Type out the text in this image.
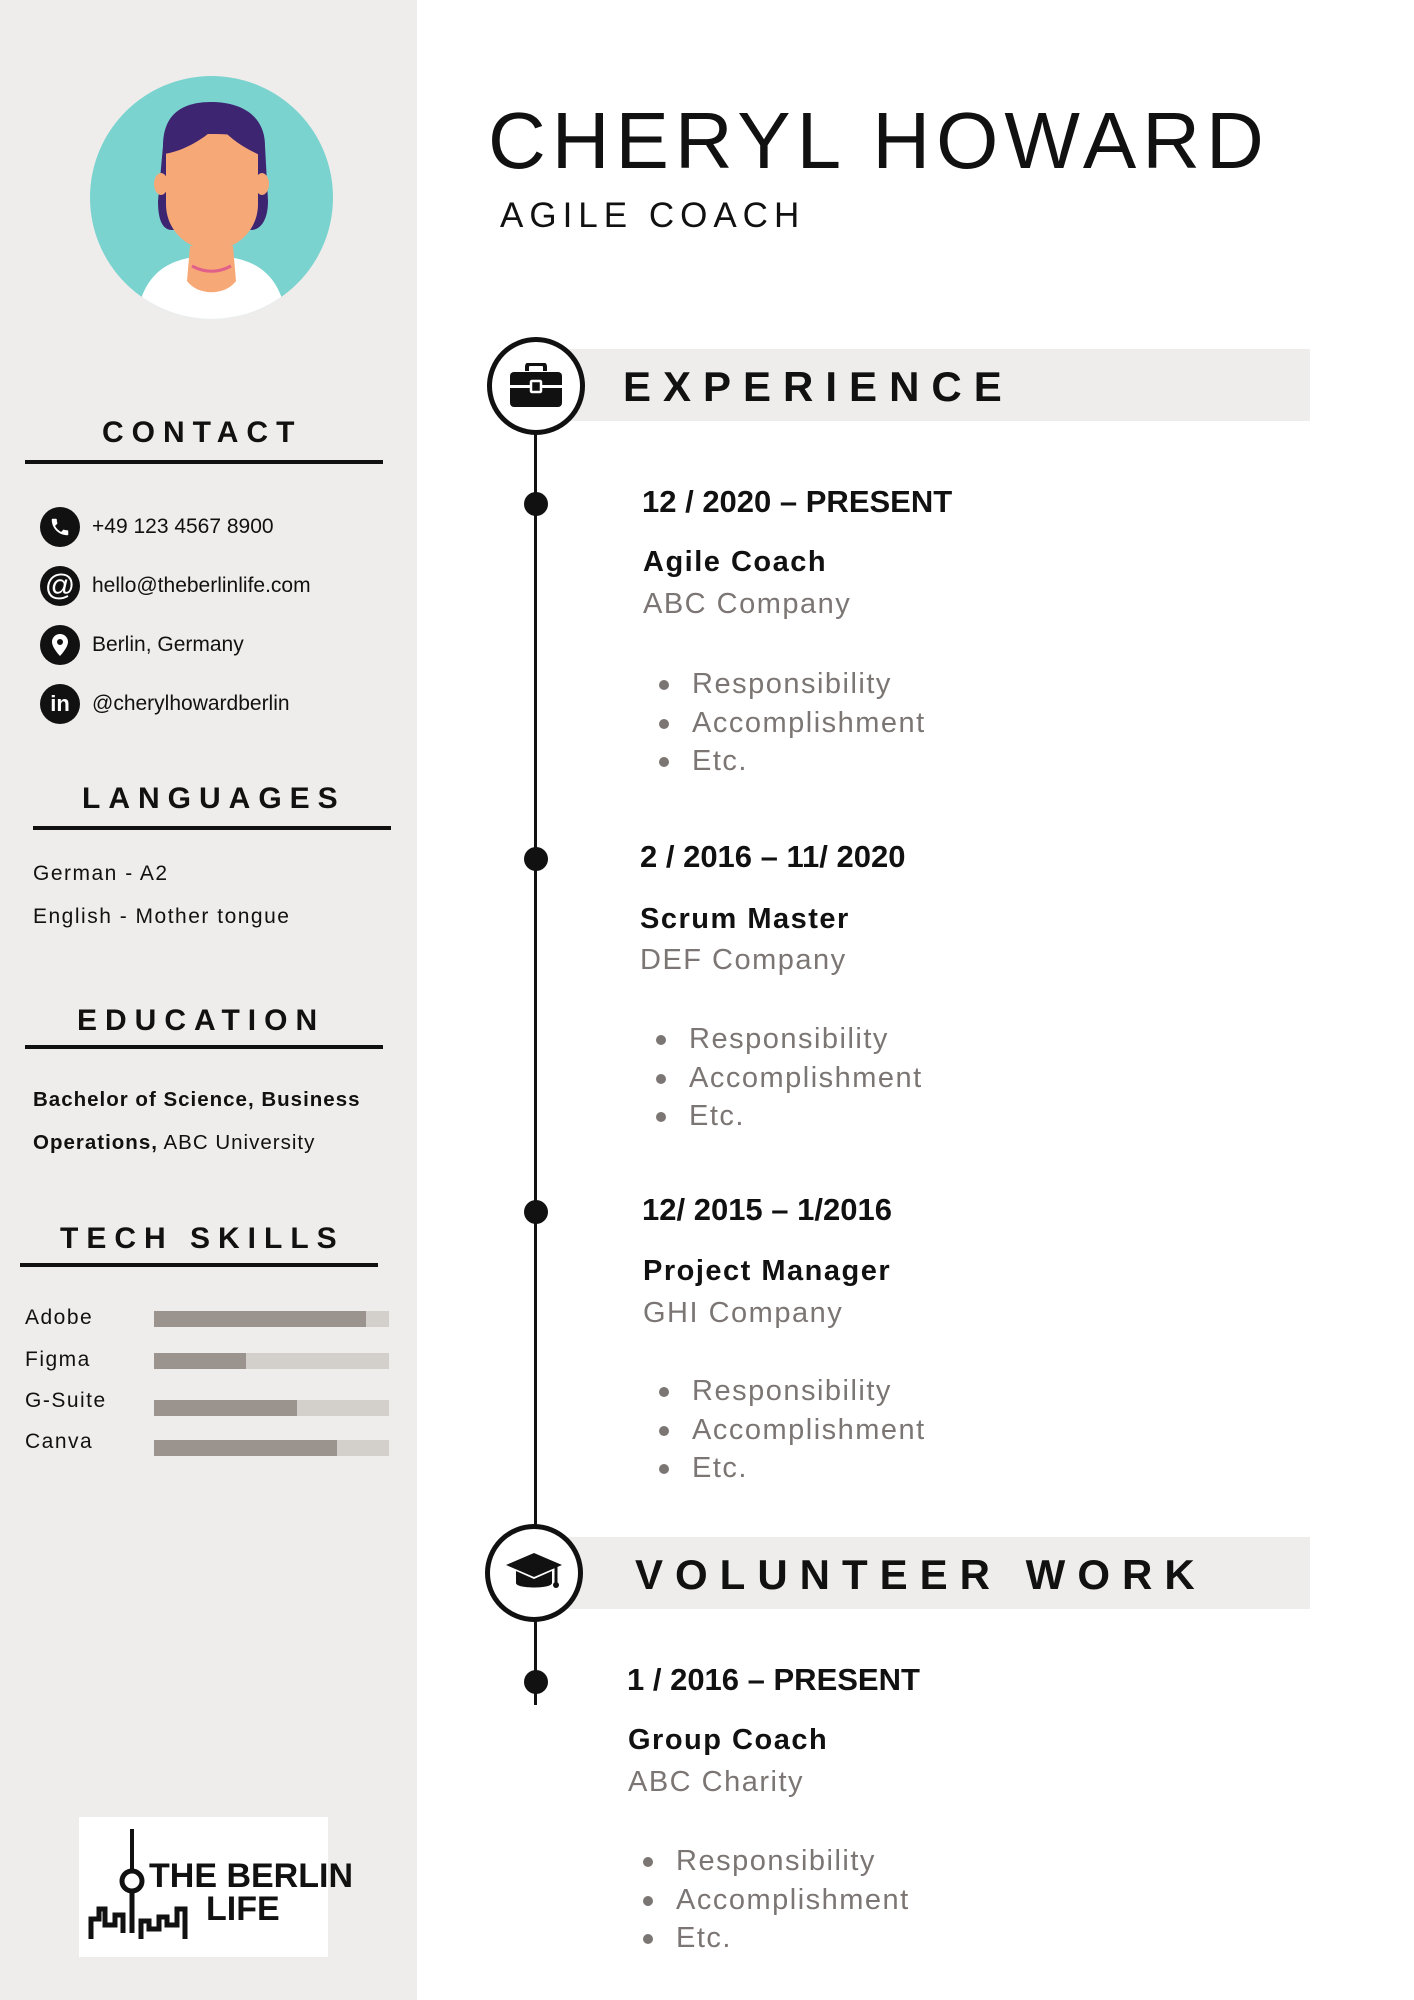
CONTACT
+49 123 4567 8900
@ hello@theberlinlife.com
Berlin, Germany
in	@cherylhowardberlin
LANGUAGES
German - A2
English - Mother tongue
EDUCATION
Bachelor of Science, Business Operations, ABC University
TECH SKILLS
Adobe
Figma
G-Suite
Canva
THE BERLIN
LIFE
CHERYL HOWARD
AGILE COACH
EXPERIENCE
12 / 2020 – PRESENT
Agile Coach
ABC Company
Responsibility
Accomplishment
Etc.
2 / 2016 – 11/ 2020
Scrum Master
DEF Company
Responsibility
Accomplishment
Etc.
12/ 2015 – 1/2016
Project Manager
GHI Company
Responsibility
Accomplishment
Etc.
VOLUNTEER WORK
1 / 2016 – PRESENT
Group Coach
ABC Charity
Responsibility
Accomplishment
Etc.
